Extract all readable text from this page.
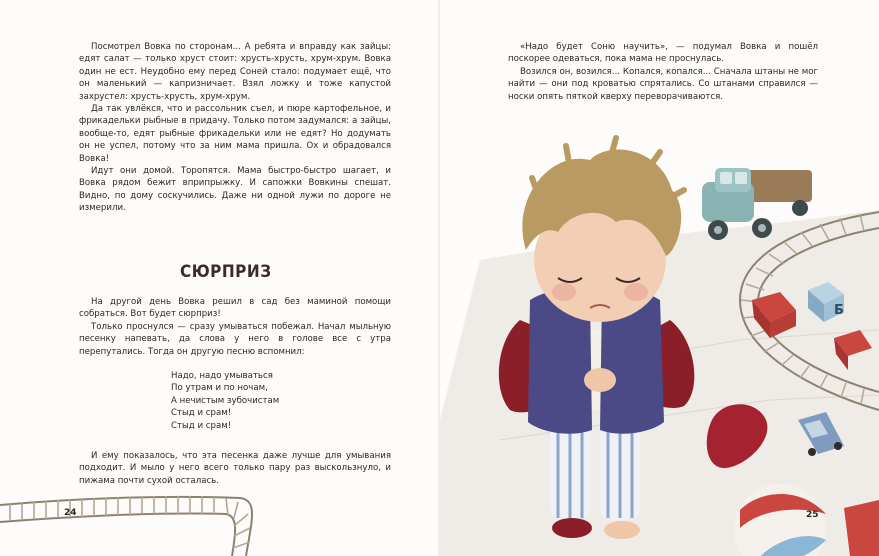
Посмотрел Вовка по сторонам... А ребята и вправду как зайцы: едят салат — только хруст стоит: хрусть-хрусть, хрум-хрум. Вовка один не ест. Неудобно ему перед Соней стало: подумает ещё, что он маленький — капризничает. Взял ложку и тоже капустой захрустел: хрусть-хрусть, хрум-хрум.

Да так увлёкся, что и рассольник съел, и пюре картофельное, и фрикадельки рыбные в придачу. Только потом задумался: а зайцы, вообще-то, едят рыбные фрикадельки или не едят? Но додумать он не успел, потому что за ним мама пришла. Ох и обрадовался Вовка!

Идут они домой. Торопятся. Мама быстро-быстро шагает, и Вовка рядом бежит вприпрыжку. И сапожки Вовкины спешат. Видно, по дому соскучились. Даже ни одной лужи по дороге не измерили.

СЮРПРИЗ

На другой день Вовка решил в сад без маминой помощи собраться. Вот будет сюрприз!

Только проснулся — сразу умываться побежал. Начал мыльную песенку напевать, да слова у него в голове все с утра перепутались. Тогда он другую песню вспомнил:

Надо, надо умываться
По утрам и по ночам,
А нечистым зубочистам
Стыд и срам!
Стыд и срам!

И ему показалось, что эта песенка даже лучше для умывания подходит. И мыло у него всего только пару раз выскользнуло, и пижама почти сухой осталась.

24

«Надо будет Соню научить», — подумал Вовка и пошёл поскорее одеваться, пока мама не проснулась.

Возился он, возился... Копался, копался... Сначала штаны не мог найти — они под кроватью спрятались. Со штанами справился — носки опять пяткой кверху переворачиваются.

Б
25
